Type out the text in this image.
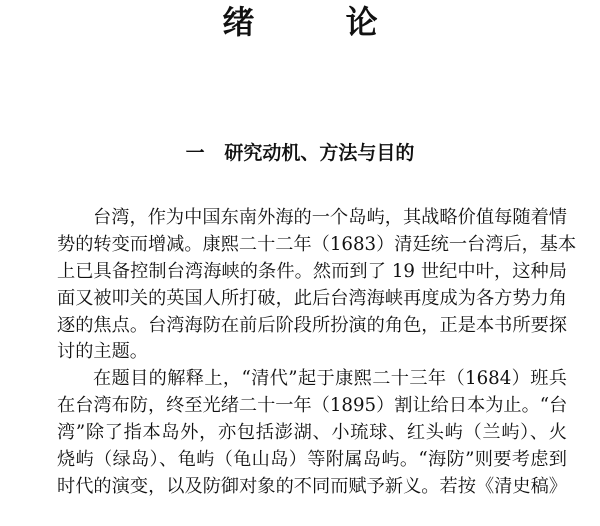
绪 论
一   研究动机、方法与目的
台湾，作为中国东南外海的一个岛屿，其战略价值每随着情
势的转变而增减。康熙二十二年（1683）清廷统一台湾后，基本
上已具备控制台湾海峡的条件。然而到了 19 世纪中叶，这种局
面又被叩关的英国人所打破，此后台湾海峡再度成为各方势力角
逐的焦点。台湾海防在前后阶段所扮演的角色，正是本书所要探
讨的主题。
在题目的解释上，“清代”起于康熙二十三年（1684）班兵
在台湾布防，终至光绪二十一年（1895）割让给日本为止。“台
湾”除了指本岛外，亦包括澎湖、小琉球、红头屿（兰屿）、火
烧屿（绿岛）、龟屿（龟山岛）等附属岛屿。“海防”则要考虑到
时代的演变，以及防御对象的不同而赋予新义。若按《清史稿》
